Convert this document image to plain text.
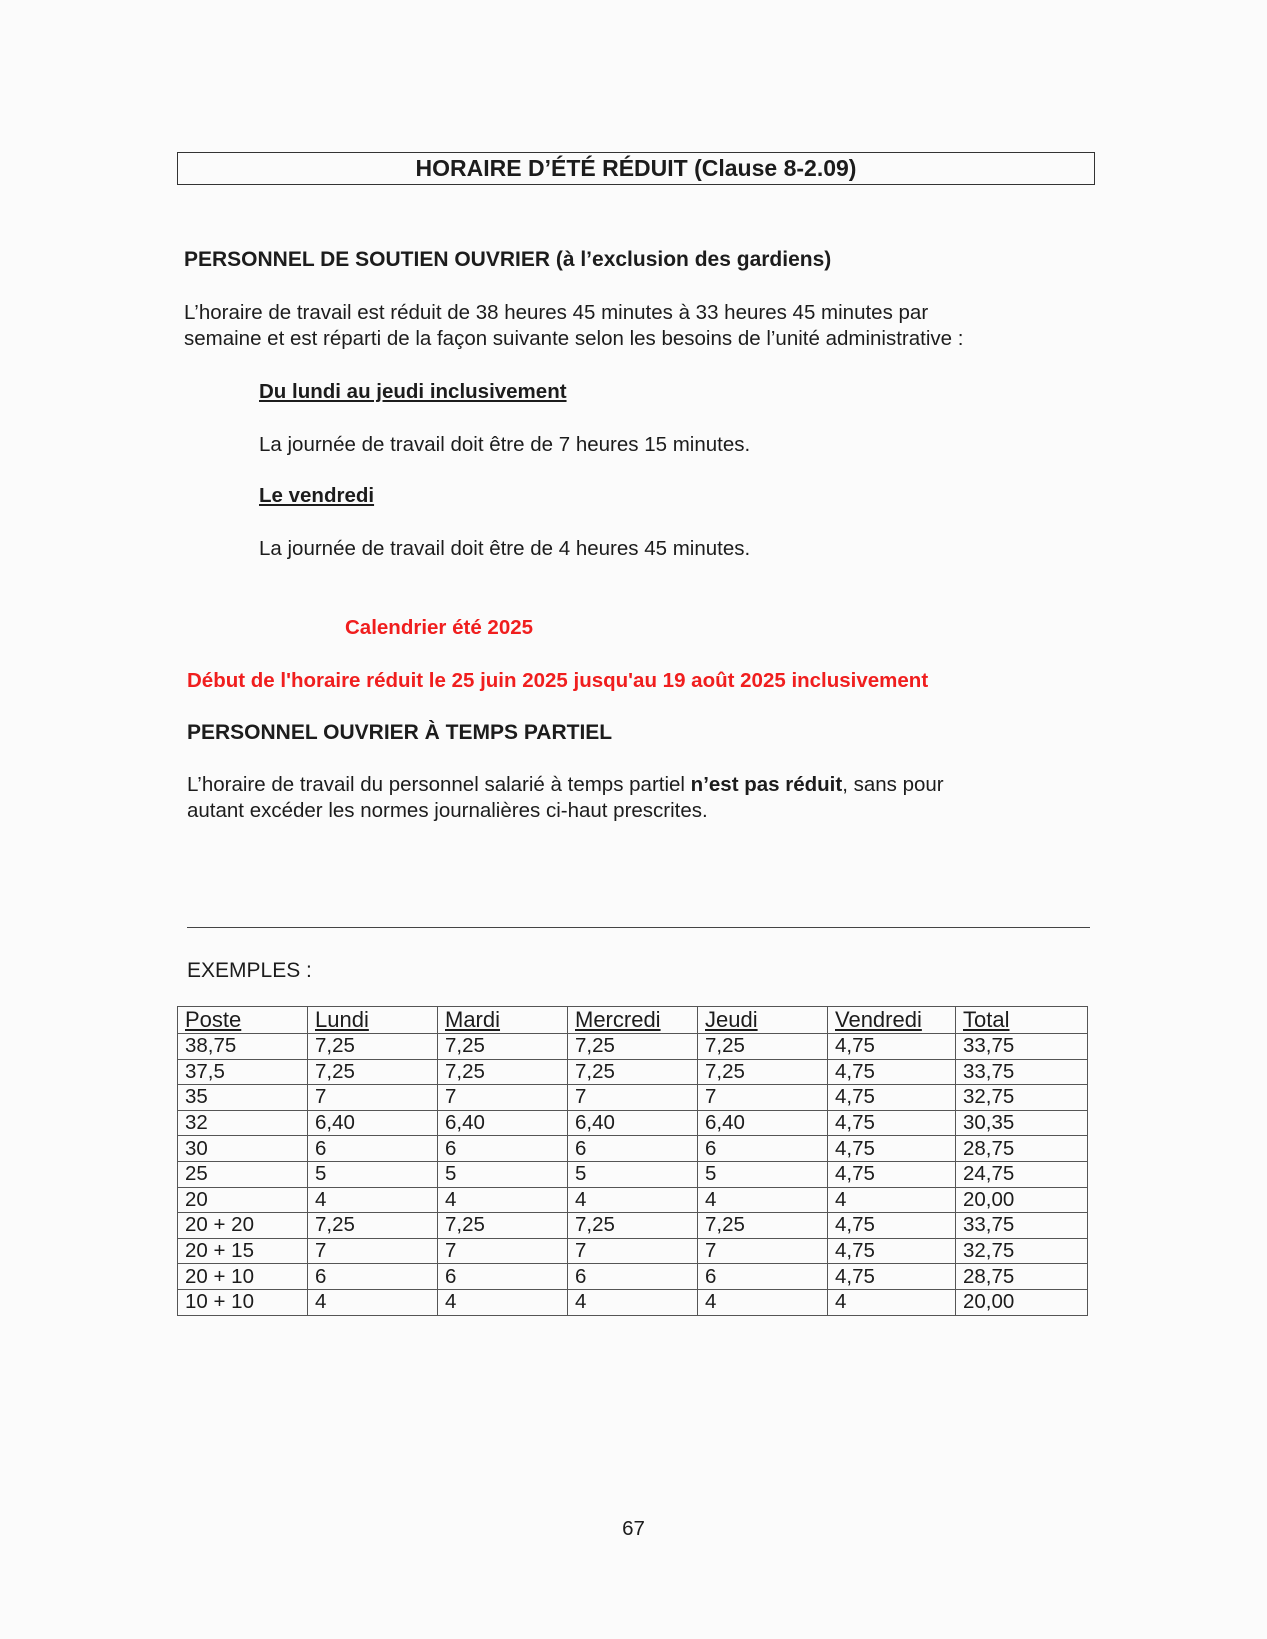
HORAIRE D’ÉTÉ RÉDUIT (Clause 8-2.09)
PERSONNEL DE SOUTIEN OUVRIER (à l’exclusion des gardiens)
L’horaire de travail est réduit de 38 heures 45 minutes à 33 heures 45 minutes par
semaine et est réparti de la façon suivante selon les besoins de l’unité administrative :
Du lundi au jeudi inclusivement
La journée de travail doit être de 7 heures 15 minutes.
Le vendredi
La journée de travail doit être de 4 heures 45 minutes.
Calendrier été 2025
Début de l'horaire réduit le 25 juin 2025 jusqu'au 19 août 2025 inclusivement
PERSONNEL OUVRIER À TEMPS PARTIEL
L’horaire de travail du personnel salarié à temps partiel n’est pas réduit, sans pour
autant excéder les normes journalières ci-haut prescrites.
EXEMPLES :
Poste	Lundi	Mardi	Mercredi	Jeudi	Vendredi	Total
38,75	7,25	7,25	7,25	7,25	4,75	33,75
37,5	7,25	7,25	7,25	7,25	4,75	33,75
35	7	7	7	7	4,75	32,75
32	6,40	6,40	6,40	6,40	4,75	30,35
30	6	6	6	6	4,75	28,75
25	5	5	5	5	4,75	24,75
20	4	4	4	4	4	20,00
20 + 20	7,25	7,25	7,25	7,25	4,75	33,75
20 + 15	7	7	7	7	4,75	32,75
20 + 10	6	6	6	6	4,75	28,75
10 + 10	4	4	4	4	4	20,00
67
